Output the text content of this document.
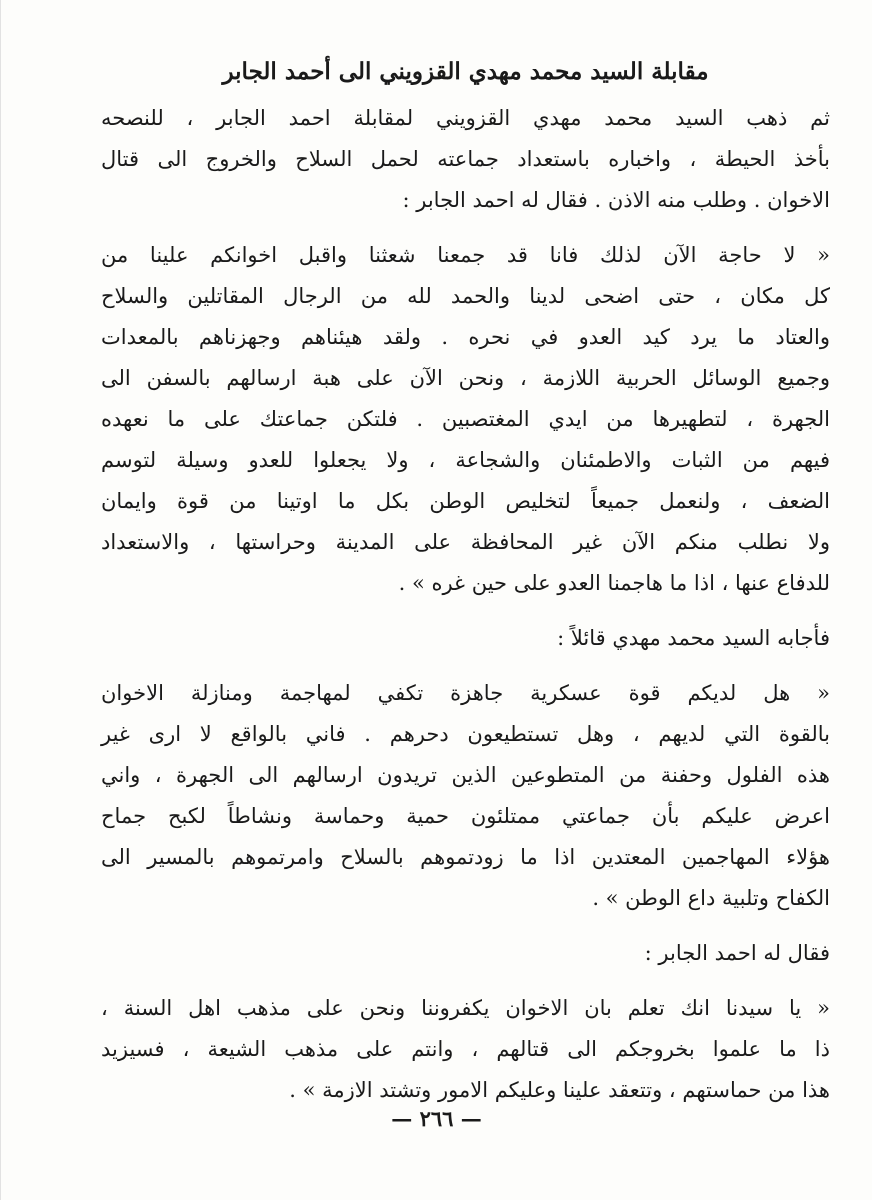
مقابلة السيد محمد مهدي القزويني الى أحمد الجابر

ثم ذهب السيد محمد مهدي القزويني لمقابلة احمد الجابر ، للنصحه
بأخذ الحيطة ، واخباره باستعداد جماعته لحمل السلاح والخروج الى قتال
الاخوان . وطلب منه الاذن . فقال له احمد الجابر :

« لا حاجة الآن لذلك فانا قد جمعنا شعثنا واقبل اخوانكم علينا من
كل مكان ، حتى اضحى لدينا والحمد لله من الرجال المقاتلين والسلاح
والعتاد ما يرد كيد العدو في نحره . ولقد هيئناهم وجهزناهم بالمعدات
وجميع الوسائل الحربية اللازمة ، ونحن الآن على هبة ارسالهم بالسفن الى
الجهرة ، لتطهيرها من ايدي المغتصبين . فلتكن جماعتك على ما نعهده
فيهم من الثبات والاطمئنان والشجاعة ، ولا يجعلوا للعدو وسيلة لتوسم
الضعف ، ولنعمل جميعاً لتخليص الوطن بكل ما اوتينا من قوة وايمان
ولا نطلب منكم الآن غير المحافظة على المدينة وحراستها ، والاستعداد
للدفاع عنها ، اذا ما هاجمنا العدو على حين غره » .

فأجابه السيد محمد مهدي قائلاً :

« هل لديكم قوة عسكرية جاهزة تكفي لمهاجمة ومنازلة الاخوان
بالقوة التي لديهم ، وهل تستطيعون دحرهم . فاني بالواقع لا ارى غير
هذه الفلول وحفنة من المتطوعين الذين تريدون ارسالهم الى الجهرة ، واني
اعرض عليكم بأن جماعتي ممتلئون حمية وحماسة ونشاطاً لكبح جماح
هؤلاء المهاجمين المعتدين اذا ما زودتموهم بالسلاح وامرتموهم بالمسير الى
الكفاح وتلبية داع الوطن » .

فقال له احمد الجابر :

« يا سيدنا انك تعلم بان الاخوان يكفروننا ونحن على مذهب اهل السنة ،
ذا ما علموا بخروجكم الى قتالهم ، وانتم على مذهب الشيعة ، فسيزيد
هذا من حماستهم ، وتتعقد علينا وعليكم الامور وتشتد الازمة » .

— ٢٦٦ —
